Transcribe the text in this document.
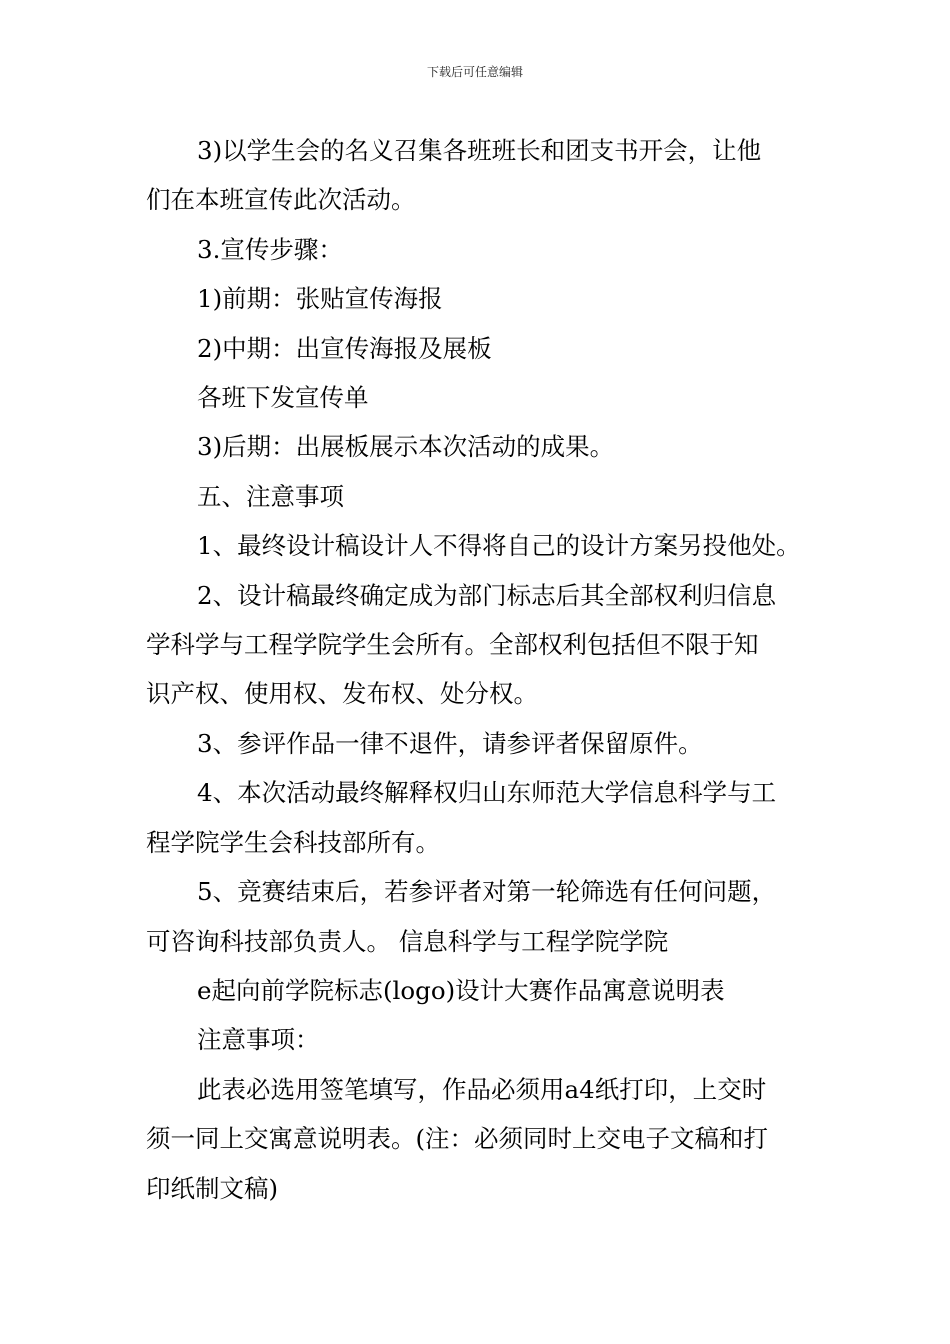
下载后可任意编辑

3)以学生会的名义召集各班班长和团支书开会，让他

们在本班宣传此次活动。

3.宣传步骤：

1)前期：张贴宣传海报

2)中期：出宣传海报及展板

各班下发宣传单

3)后期：出展板展示本次活动的成果。

五、注意事项

1、最终设计稿设计人不得将自己的设计方案另投他处。

2、设计稿最终确定成为部门标志后其全部权利归信息

学科学与工程学院学生会所有。全部权利包括但不限于知

识产权、使用权、发布权、处分权。

3、参评作品一律不退件，请参评者保留原件。

4、本次活动最终解释权归山东师范大学信息科学与工

程学院学生会科技部所有。

5、竞赛结束后，若参评者对第一轮筛选有任何问题，

可咨询科技部负责人。 信息科学与工程学院学院

e起向前学院标志(logo)设计大赛作品寓意说明表

注意事项：

此表必选用签笔填写，作品必须用a4纸打印，上交时

须一同上交寓意说明表。(注：必须同时上交电子文稿和打

印纸制文稿)
